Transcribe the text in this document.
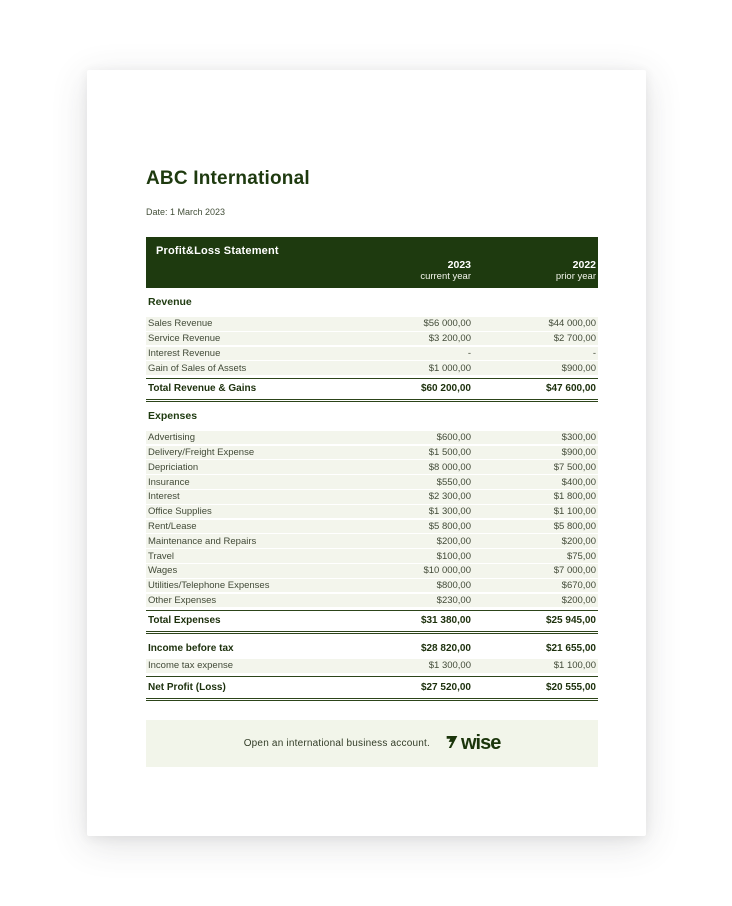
ABC International
Date: 1 March 2023
Profit&Loss Statement
2023
current year
2022
prior year
Revenue
Sales Revenue	$56 000,00	$44 000,00
Service Revenue	$3 200,00	$2 700,00
Interest Revenue	-	-
Gain of Sales of Assets	$1 000,00	$900,00
Total Revenue & Gains	$60 200,00	$47 600,00
Expenses
Advertising	$600,00	$300,00
Delivery/Freight Expense	$1 500,00	$900,00
Depriciation	$8 000,00	$7 500,00
Insurance	$550,00	$400,00
Interest	$2 300,00	$1 800,00
Office Supplies	$1 300,00	$1 100,00
Rent/Lease	$5 800,00	$5 800,00
Maintenance and Repairs	$200,00	$200,00
Travel	$100,00	$75,00
Wages	$10 000,00	$7 000,00
Utilities/Telephone Expenses	$800,00	$670,00
Other Expenses	$230,00	$200,00
Total Expenses	$31 380,00	$25 945,00
Income before tax	$28 820,00	$21 655,00
Income tax expense	$1 300,00	$1 100,00
Net Profit (Loss)	$27 520,00	$20 555,00
Open an international business account. wise
